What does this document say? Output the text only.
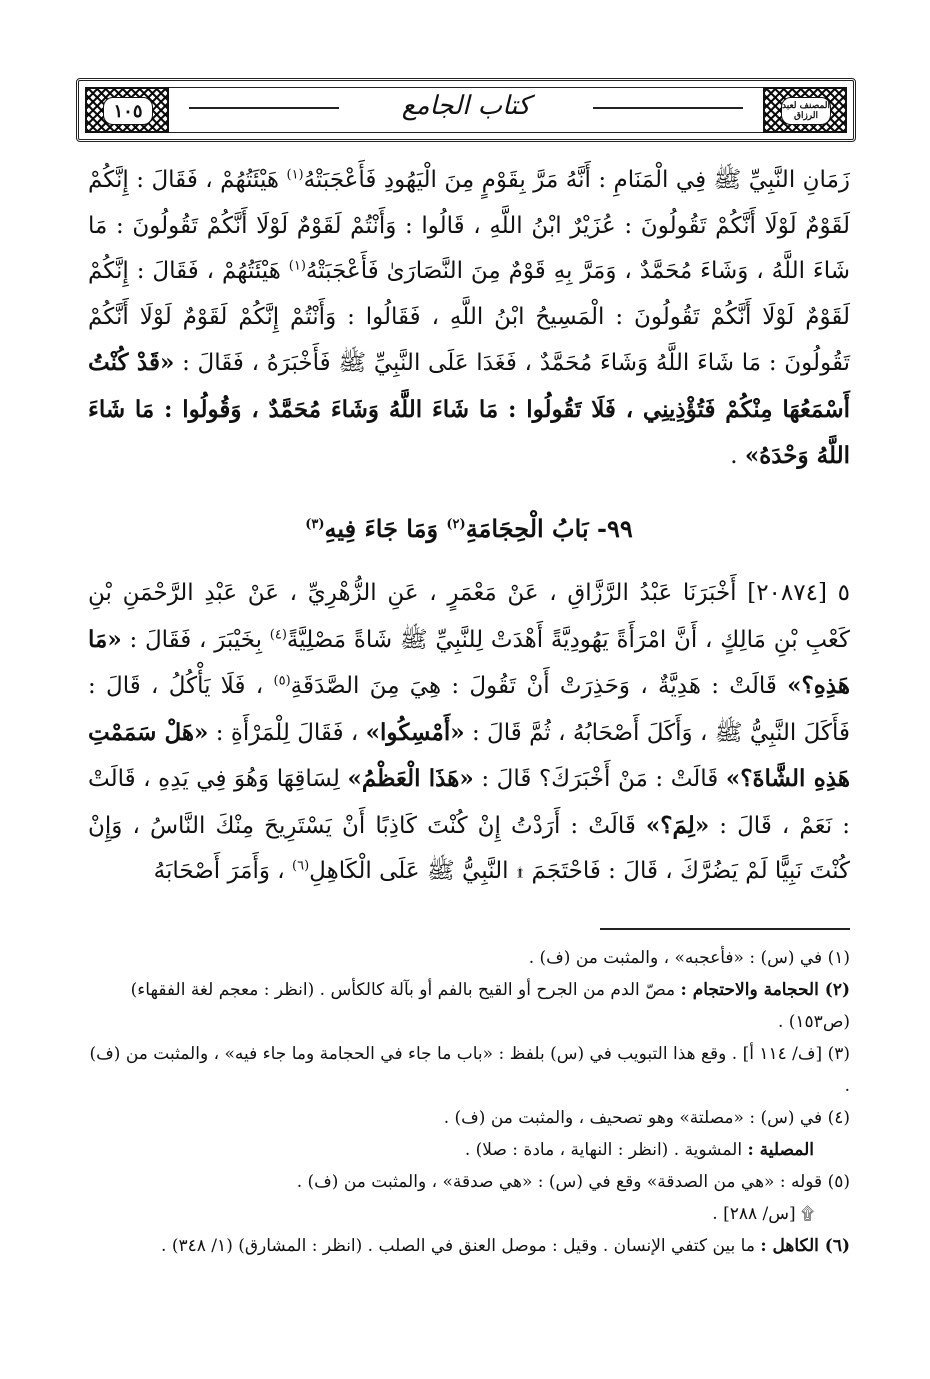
المصنف لعبد الرزاق
كتاب الجامع
١٠٥

زَمَانِ النَّبِيِّ ﷺ فِي الْمَنَامِ : أَنَّهُ مَرَّ بِقَوْمٍ مِنَ الْيَهُودِ فَأَعْجَبَتْهُ$^{(١)}$ هَيْئَتُهُمْ ، فَقَالَ : إِنَّكُمْ لَقَوْمٌ لَوْلَا أَنَّكُمْ تَقُولُونَ : عُزَيْرٌ ابْنُ اللَّهِ ، قَالُوا : وَأَنْتُمْ لَقَوْمٌ لَوْلَا أَنَّكُمْ تَقُولُونَ : مَا شَاءَ اللَّهُ ، وَشَاءَ مُحَمَّدٌ ، وَمَرَّ بِهِ قَوْمٌ مِنَ النَّصَارَىٰ فَأَعْجَبَتْهُ$^{(١)}$ هَيْئَتُهُمْ ، فَقَالَ : إِنَّكُمْ لَقَوْمٌ لَوْلَا أَنَّكُمْ تَقُولُونَ : الْمَسِيحُ ابْنُ اللَّهِ ، فَقَالُوا : وَأَنْتُمْ إِنَّكُمْ لَقَوْمٌ لَوْلَا أَنَّكُمْ تَقُولُونَ : مَا شَاءَ اللَّهُ وَشَاءَ مُحَمَّدٌ ، فَغَدَا عَلَى النَّبِيِّ ﷺ فَأَخْبَرَهُ ، فَقَالَ : «قَدْ كُنْتُ أَسْمَعُهَا مِنْكُمْ فَتُؤْذِينِي ، فَلَا تَقُولُوا : مَا شَاءَ اللَّهُ وَشَاءَ مُحَمَّدٌ ، وَقُولُوا : مَا شَاءَ اللَّهُ وَحْدَهُ» .

٩٩- بَابُ الْحِجَامَةِ$^{(٢)}$ وَمَا جَاءَ فِيهِ$^{(٣)}$

٥ [٢٠٨٧٤] أَخْبَرَنَا عَبْدُ الرَّزَّاقِ ، عَنْ مَعْمَرٍ ، عَنِ الزُّهْرِيِّ ، عَنْ عَبْدِ الرَّحْمَنِ بْنِ كَعْبِ بْنِ مَالِكٍ ، أَنَّ امْرَأَةً يَهُودِيَّةً أَهْدَتْ لِلنَّبِيِّ ﷺ شَاةً مَصْلِيَّةً$^{(٤)}$ بِخَيْبَرَ ، فَقَالَ : «مَا هَذِهِ؟» قَالَتْ : هَدِيَّةٌ ، وَحَذِرَتْ أَنْ تَقُولَ : هِيَ مِنَ الصَّدَقَةِ$^{(٥)}$ ، فَلَا يَأْكُلُ ، قَالَ : فَأَكَلَ النَّبِيُّ ﷺ ، وَأَكَلَ أَصْحَابُهُ ، ثُمَّ قَالَ : «أَمْسِكُوا» ، فَقَالَ لِلْمَرْأَةِ : «هَلْ سَمَمْتِ هَذِهِ الشَّاةَ؟» قَالَتْ : مَنْ أَخْبَرَكَ؟ قَالَ : «هَذَا الْعَظْمُ» لِسَاقِهَا وَهُوَ فِي يَدِهِ ، قَالَتْ : نَعَمْ ، قَالَ : «لِمَ؟» قَالَتْ : أَرَدْتُ إِنْ كُنْتَ كَاذِبًا أَنْ يَسْتَرِيحَ مِنْكَ النَّاسُ ، وَإِنْ كُنْتَ نَبِيًّا لَمْ يَضُرَّكَ ، قَالَ : فَاحْتَجَمَ ۩ النَّبِيُّ ﷺ عَلَى الْكَاهِلِ$^{(٦)}$ ، وَأَمَرَ أَصْحَابَهُ

(١) في (س) : «فأعجبه» ، والمثبت من (ف) .

(٢) الحجامة والاحتجام : مصّ الدم من الجرح أو القيح بالفم أو بآلة كالكأس . (انظر : معجم لغة الفقهاء) (ص١٥٣) .

(٣) [ف/ ١١٤ أ] . وقع هذا التبويب في (س) بلفظ : «باب ما جاء في الحجامة وما جاء فيه» ، والمثبت من (ف) .

(٤) في (س) : «مصلتة» وهو تصحيف ، والمثبت من (ف) .

المصلية : المشوية . (انظر : النهاية ، مادة : صلا) .

(٥) قوله : «هي من الصدقة» وقع في (س) : «هي صدقة» ، والمثبت من (ف) .

۩ [س/ ٢٨٨] .

(٦) الكاهل : ما بين كتفي الإنسان . وقيل : موصل العنق في الصلب . (انظر : المشارق) (١/ ٣٤٨) .
